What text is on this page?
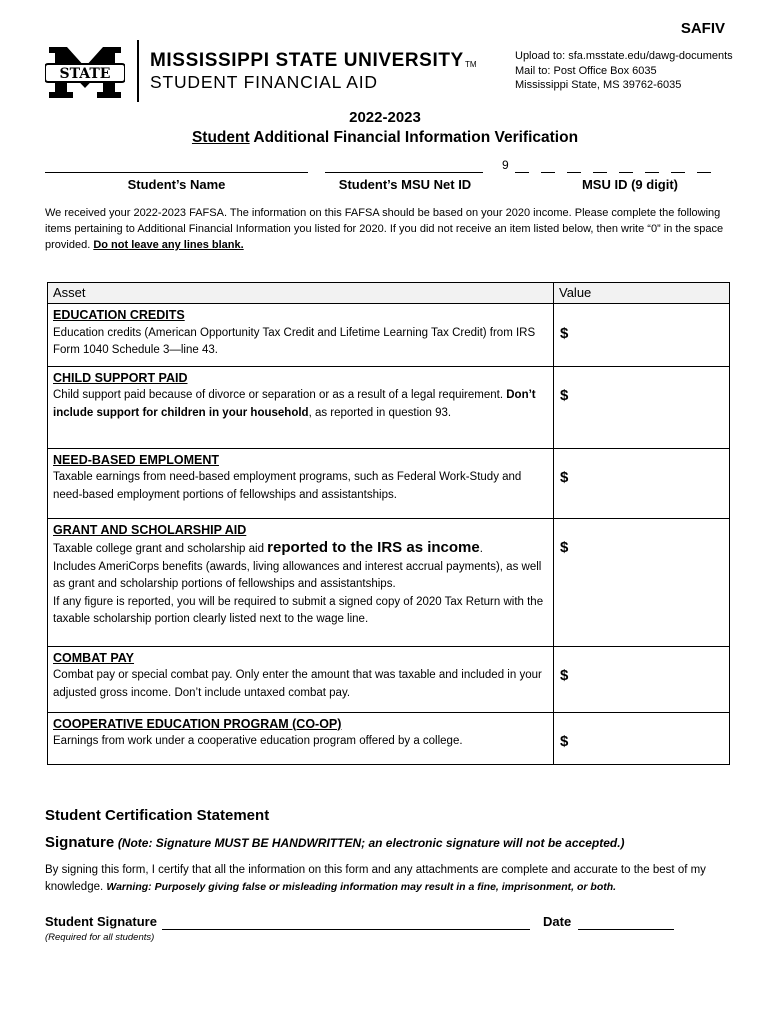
SAFIV
STATE
MISSISSIPPI STATE UNIVERSITY TM
STUDENT FINANCIAL AID
Upload to: sfa.msstate.edu/dawg-documents
Mail to: Post Office Box 6035
Mississippi State, MS 39762-6035
2022-2023
Student Additional Financial Information Verification
Student’s Name	Student’s MSU Net ID
9
MSU ID (9 digit)
We received your 2022-2023 FAFSA. The information on this FAFSA should be based on your 2020 income. Please complete the following items pertaining to Additional Financial Information you listed for 2020. If you did not receive an item listed below, then write “0” in the space provided. Do not leave any lines blank.
Asset	Value

EDUCATION CREDITS
Education credits (American Opportunity Tax Credit and Lifetime Learning Tax Credit) from IRS Form 1040 Schedule 3—line 43.	$

CHILD SUPPORT PAID
Child support paid because of divorce or separation or as a result of a legal requirement. Don’t include support for children in your household, as reported in question 93.	$

NEED-BASED EMPLOMENT
Taxable earnings from need-based employment programs, such as Federal Work-Study and need-based employment portions of fellowships and assistantships.	$

GRANT AND SCHOLARSHIP AID
Taxable college grant and scholarship aid reported to the IRS as income.
Includes AmeriCorps benefits (awards, living allowances and interest accrual payments), as well as grant and scholarship portions of fellowships and assistantships.
If any figure is reported, you will be required to submit a signed copy of 2020 Tax Return with the taxable scholarship portion clearly listed next to the wage line.	$

COMBAT PAY
Combat pay or special combat pay. Only enter the amount that was taxable and included in your adjusted gross income. Don’t include untaxed combat pay.	$

COOPERATIVE EDUCATION PROGRAM (CO-OP)
Earnings from work under a cooperative education program offered by a college.	$
Student Certification Statement
Signature (Note: Signature MUST BE HANDWRITTEN; an electronic signature will not be accepted.)
By signing this form, I certify that all the information on this form and any attachments are complete and accurate to the best of my knowledge. Warning: Purposely giving false or misleading information may result in a fine, imprisonment, or both.
Student Signature	Date
(Required for all students)
